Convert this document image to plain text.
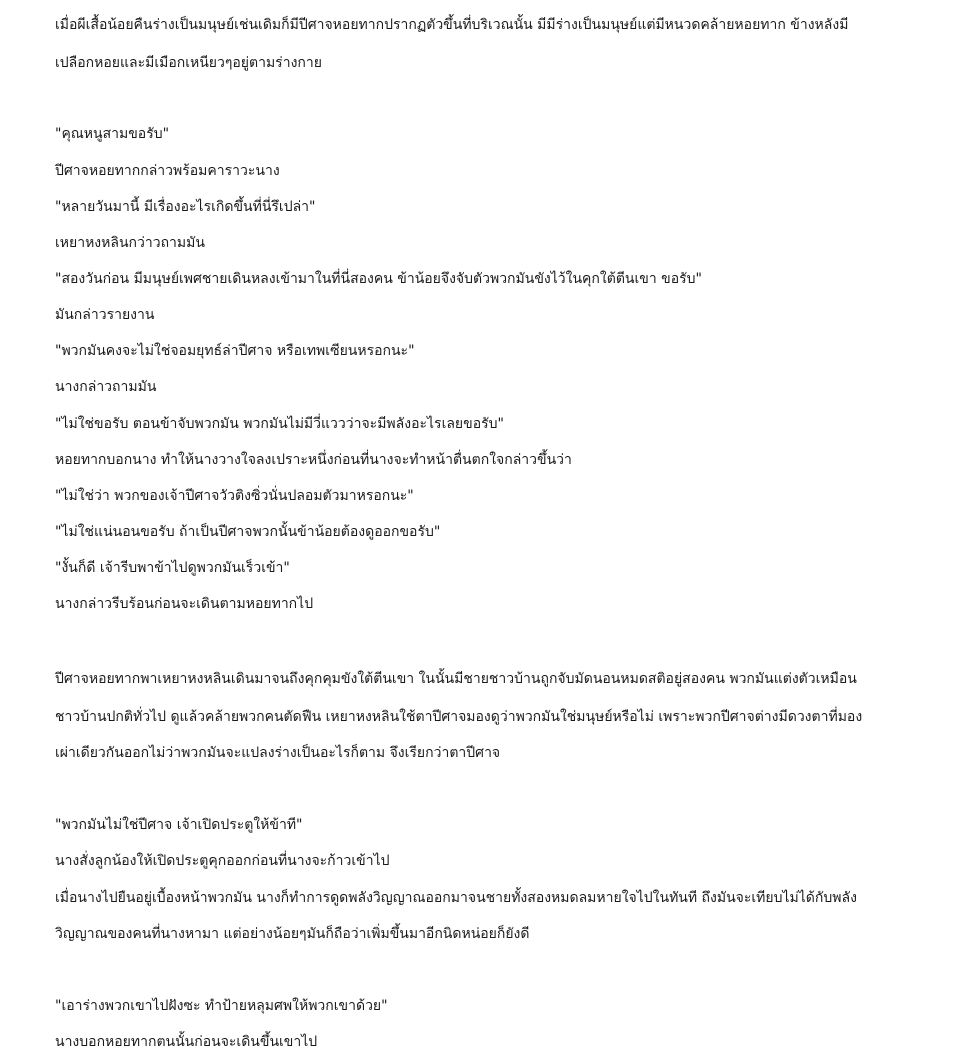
เมื่อผีเสื้อน้อยคืนร่างเป็นมนุษย์เช่นเดิมก็มีปีศาจหอยทากปรากฏตัวขึ้นที่บริเวณนั้น มีมีร่างเป็นมนุษย์แต่มีหนวดคล้ายหอยทาก ข้างหลังมี
เปลือกหอยและมีเมือกเหนียวๆอยู่ตามร่างกาย
"คุณหนูสามขอรับ"
ปีศาจหอยทากกล่าวพร้อมคาราวะนาง
"หลายวันมานี้ มีเรื่องอะไรเกิดขึ้นที่นี่รึเปล่า"
เหยาหงหลินกว่าวถามมัน
"สองวันก่อน มีมนุษย์เพศชายเดินหลงเข้ามาในที่นี่สองคน ข้าน้อยจึงจับตัวพวกมันขังไว้ในคุกใต้ตีนเขา ขอรับ"
มันกล่าวรายงาน
"พวกมันคงจะไม่ใช่จอมยุทธ์ล่าปีศาจ หรือเทพเซียนหรอกนะ"
นางกล่าวถามมัน
"ไม่ใช่ขอรับ ตอนข้าจับพวกมัน พวกมันไม่มีวี่แววว่าจะมีพลังอะไรเลยขอรับ"
หอยทากบอกนาง ทำให้นางวางใจลงเปราะหนึ่งก่อนที่นางจะทำหน้าตื่นตกใจกล่าวขึ้นว่า
"ไม่ใช่ว่า พวกของเจ้าปีศาจวัวติงซิ่วนั่นปลอมตัวมาหรอกนะ"
"ไม่ใช่แน่นอนขอรับ ถ้าเป็นปีศาจพวกนั้นข้าน้อยต้องดูออกขอรับ"
"งั้นก็ดี เจ้ารีบพาข้าไปดูพวกมันเร็วเข้า"
นางกล่าวรีบร้อนก่อนจะเดินตามหอยทากไป
ปีศาจหอยทากพาเหยาหงหลินเดินมาจนถึงคุกคุมขังใต้ตีนเขา ในนั้นมีชายชาวบ้านถูกจับมัดนอนหมดสติอยู่สองคน พวกมันแต่งตัวเหมือน
ชาวบ้านปกติทั่วไป ดูแล้วคล้ายพวกคนตัดฟืน เหยาหงหลินใช้ตาปีศาจมองดูว่าพวกมันใช่มนุษย์หรือไม่ เพราะพวกปีศาจต่างมีดวงตาที่มอง
เผ่าเดียวกันออกไม่ว่าพวกมันจะแปลงร่างเป็นอะไรก็ตาม จึงเรียกว่าตาปีศาจ
"พวกมันไม่ใช่ปีศาจ เจ้าเปิดประตูให้ข้าที"
นางสั่งลูกน้องให้เปิดประตูคุกออกก่อนที่นางจะก้าวเข้าไป
เมื่อนางไปยืนอยู่เบื้องหน้าพวกมัน นางก็ทำการดูดพลังวิญญาณออกมาจนชายทั้งสองหมดลมหายใจไปในทันที ถึงมันจะเทียบไม่ได้กับพลัง
วิญญาณของคนที่นางหามา แต่อย่างน้อยๆมันก็ถือว่าเพิ่มขึ้นมาอีกนิดหน่อยก็ยังดี
"เอาร่างพวกเขาไปฝังซะ ทำป้ายหลุมศพให้พวกเขาด้วย"
นางบอกหอยทากตนนั้นก่อนจะเดินขึ้นเขาไป
